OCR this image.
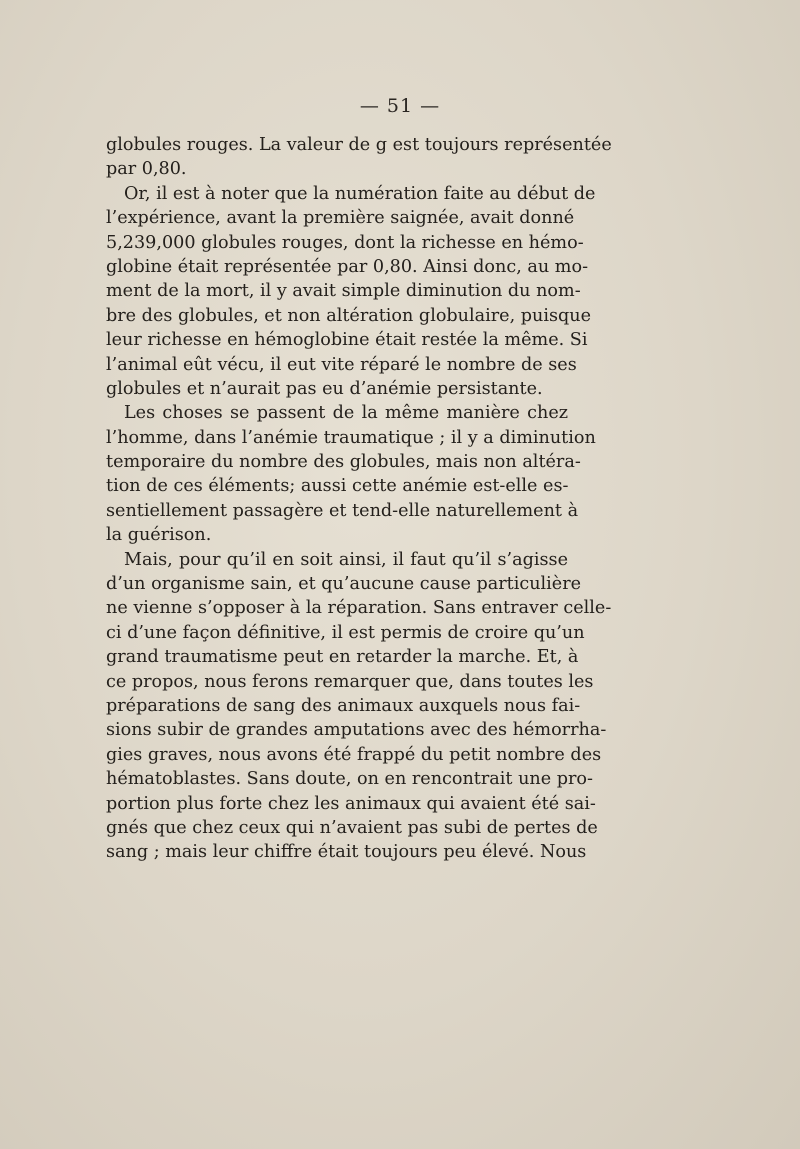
— 51 —
globules rouges. La valeur de g est toujours représentée
par 0,80.
Or, il est à noter que la numération faite au début de
l’expérience, avant la première saignée, avait donné
5,239,000 globules rouges, dont la richesse en hémo-
globine était représentée par 0,80. Ainsi donc, au mo-
ment de la mort, il y avait simple diminution du nom-
bre des globules, et non altération globulaire, puisque
leur richesse en hémoglobine était restée la même. Si
l’animal eût vécu, il eut vite réparé le nombre de ses
globules et n’aurait pas eu d’anémie persistante.
Les choses se passent de la même manière chez
l’homme, dans l’anémie traumatique ; il y a diminution
temporaire du nombre des globules, mais non altéra-
tion de ces éléments; aussi cette anémie est-elle es-
sentiellement passagère et tend-elle naturellement à
la guérison.
Mais, pour qu’il en soit ainsi, il faut qu’il s’agisse
d’un organisme sain, et qu’aucune cause particulière
ne vienne s’opposer à la réparation. Sans entraver celle-
ci d’une façon définitive, il est permis de croire qu’un
grand traumatisme peut en retarder la marche. Et, à
ce propos, nous ferons remarquer que, dans toutes les
préparations de sang des animaux auxquels nous fai-
sions subir de grandes amputations avec des hémorrha-
gies graves, nous avons été frappé du petit nombre des
hématoblastes. Sans doute, on en rencontrait une pro-
portion plus forte chez les animaux qui avaient été sai-
gnés que chez ceux qui n’avaient pas subi de pertes de
sang ; mais leur chiffre était toujours peu élevé. Nous
